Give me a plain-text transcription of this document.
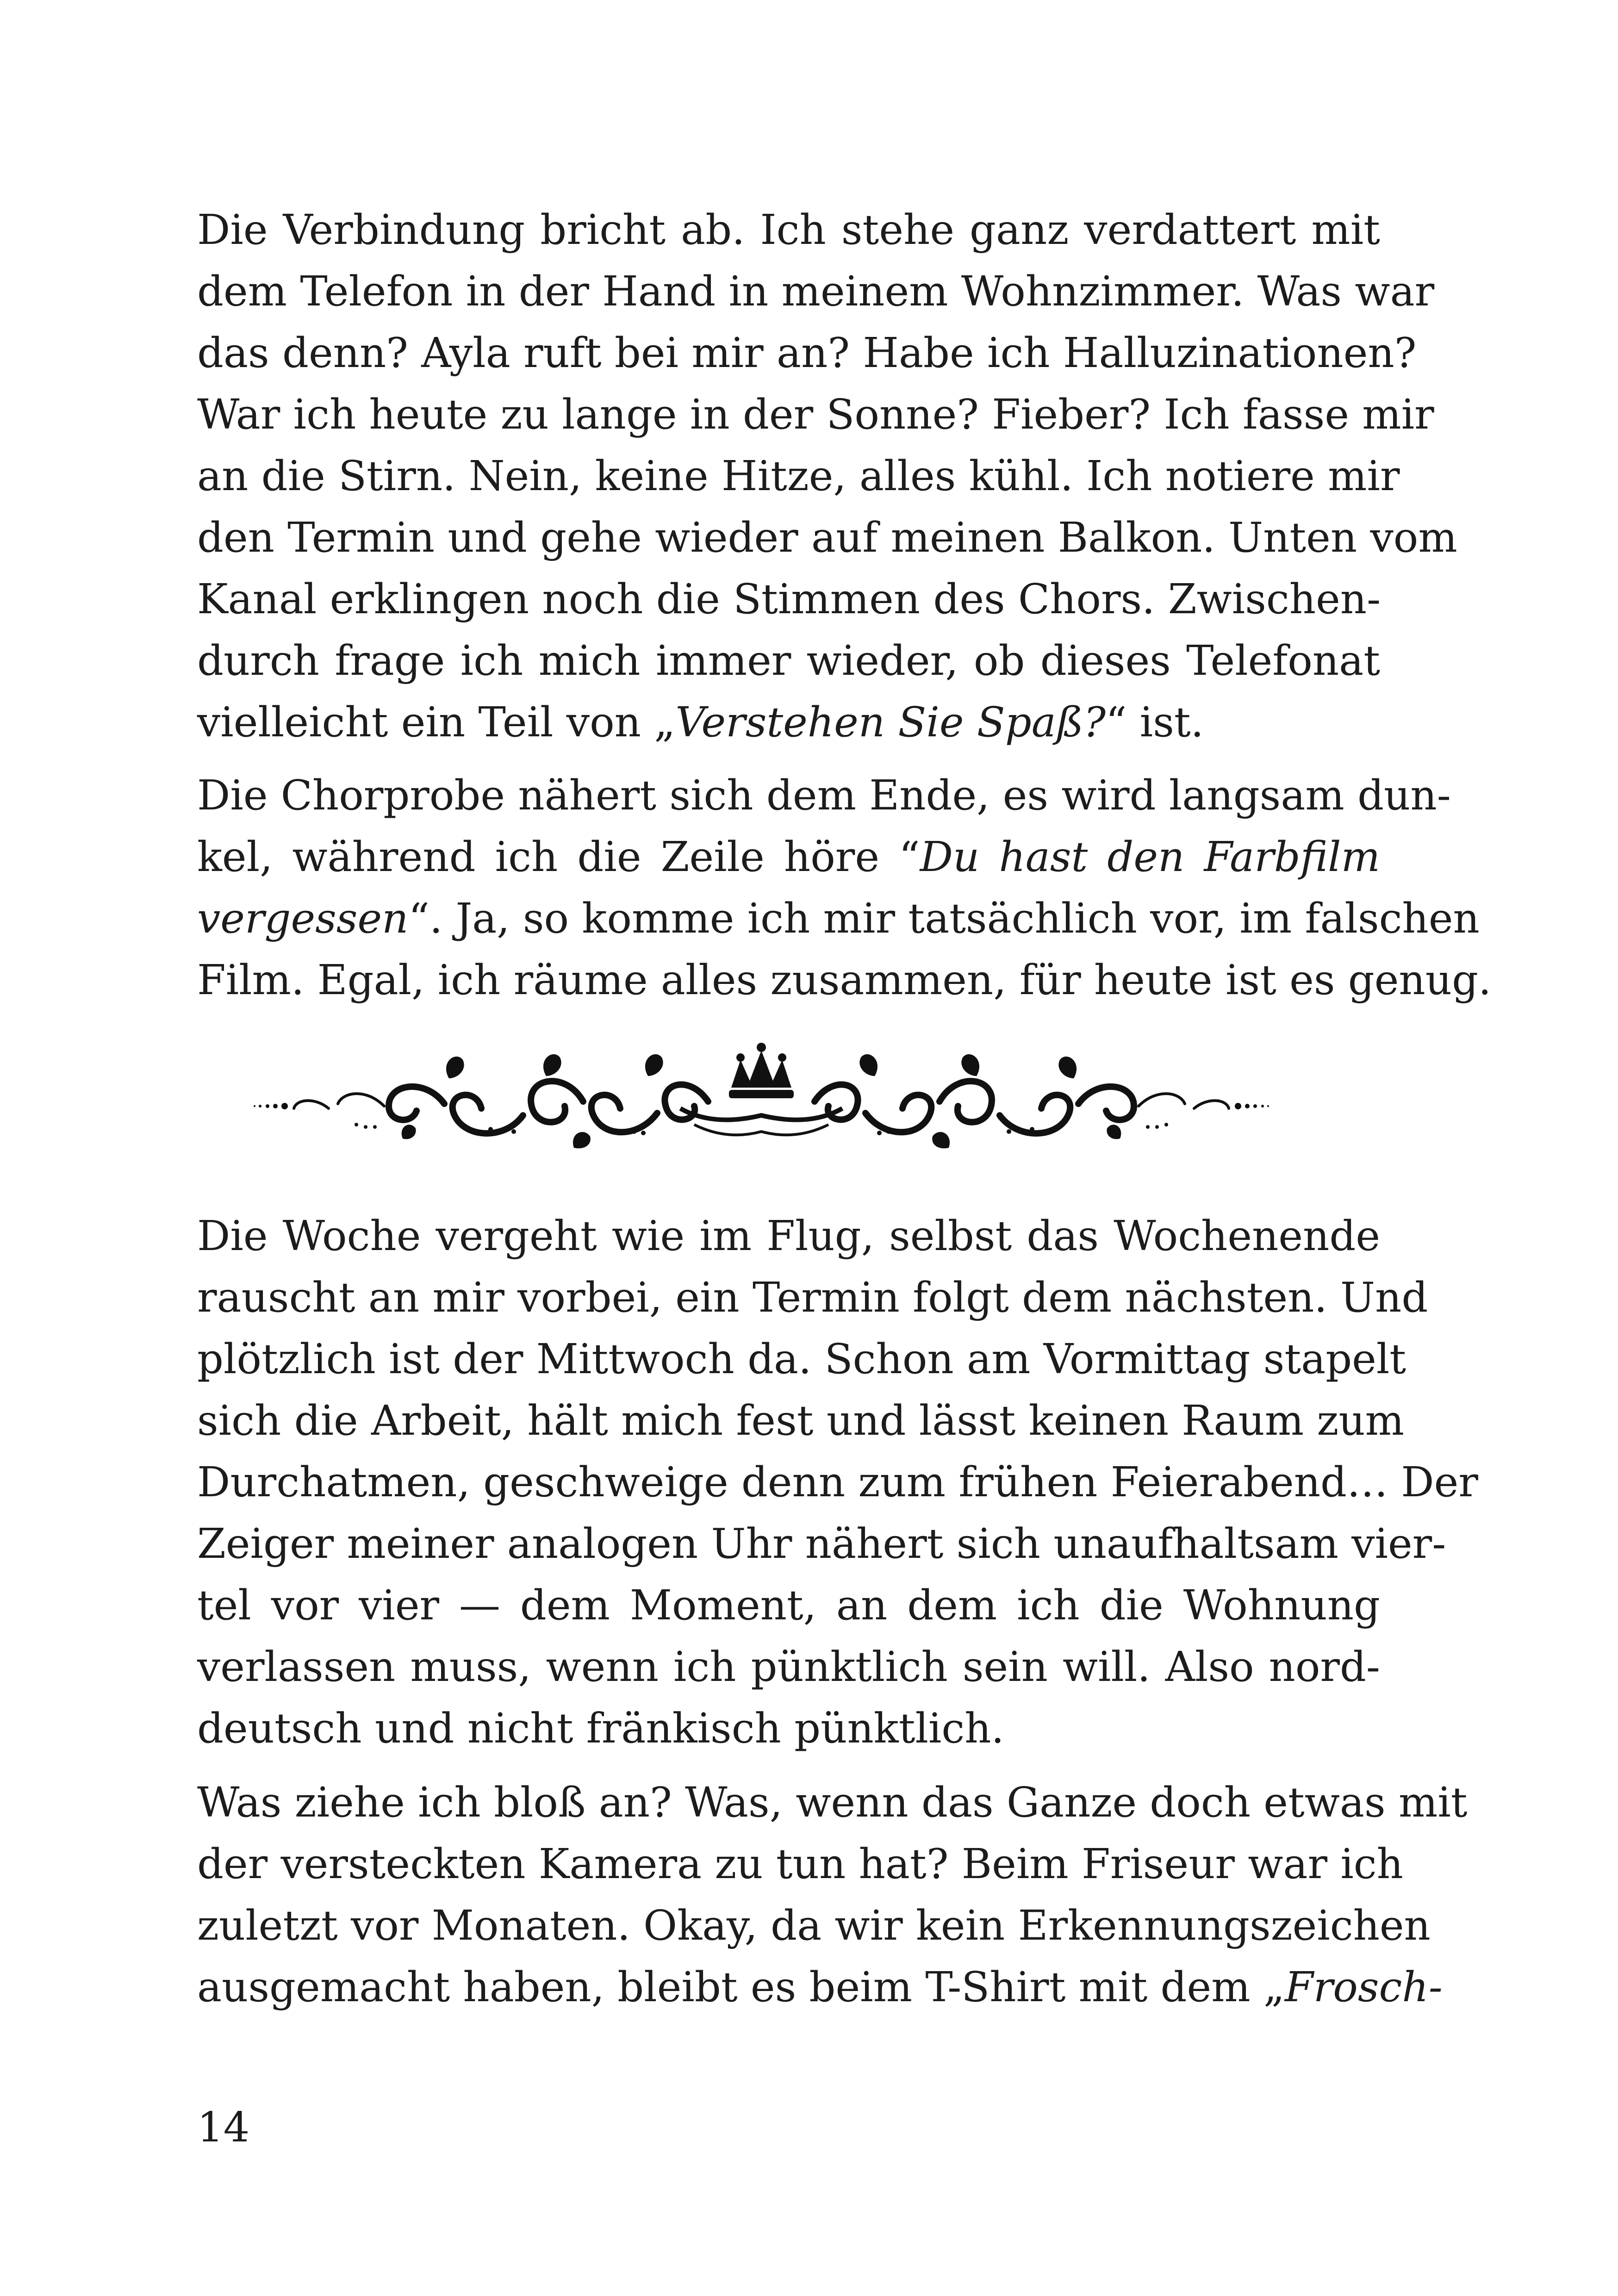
Die Verbindung bricht ab. Ich stehe ganz verdattert mit
dem Telefon in der Hand in meinem Wohnzimmer. Was war
das denn? Ayla ruft bei mir an? Habe ich Halluzinationen?
War ich heute zu lange in der Sonne? Fieber? Ich fasse mir
an die Stirn. Nein, keine Hitze, alles kühl. Ich notiere mir
den Termin und gehe wieder auf meinen Balkon. Unten vom
Kanal erklingen noch die Stimmen des Chors. Zwischen-
durch frage ich mich immer wieder, ob dieses Telefonat
vielleicht ein Teil von „Verstehen Sie Spaß?“ ist.
Die Chorprobe nähert sich dem Ende, es wird langsam dun-
kel, während ich die Zeile höre “Du hast den Farbfilm
vergessen“. Ja, so komme ich mir tatsächlich vor, im falschen
Film. Egal, ich räume alles zusammen, für heute ist es genug.
Die Woche vergeht wie im Flug, selbst das Wochenende
rauscht an mir vorbei, ein Termin folgt dem nächsten. Und
plötzlich ist der Mittwoch da. Schon am Vormittag stapelt
sich die Arbeit, hält mich fest und lässt keinen Raum zum
Durchatmen, geschweige denn zum frühen Feierabend… Der
Zeiger meiner analogen Uhr nähert sich unaufhaltsam vier-
tel vor vier — dem Moment, an dem ich die Wohnung
verlassen muss, wenn ich pünktlich sein will. Also nord-
deutsch und nicht fränkisch pünktlich.
Was ziehe ich bloß an? Was, wenn das Ganze doch etwas mit
der versteckten Kamera zu tun hat? Beim Friseur war ich
zuletzt vor Monaten. Okay, da wir kein Erkennungszeichen
ausgemacht haben, bleibt es beim T-Shirt mit dem „Frosch-
14
